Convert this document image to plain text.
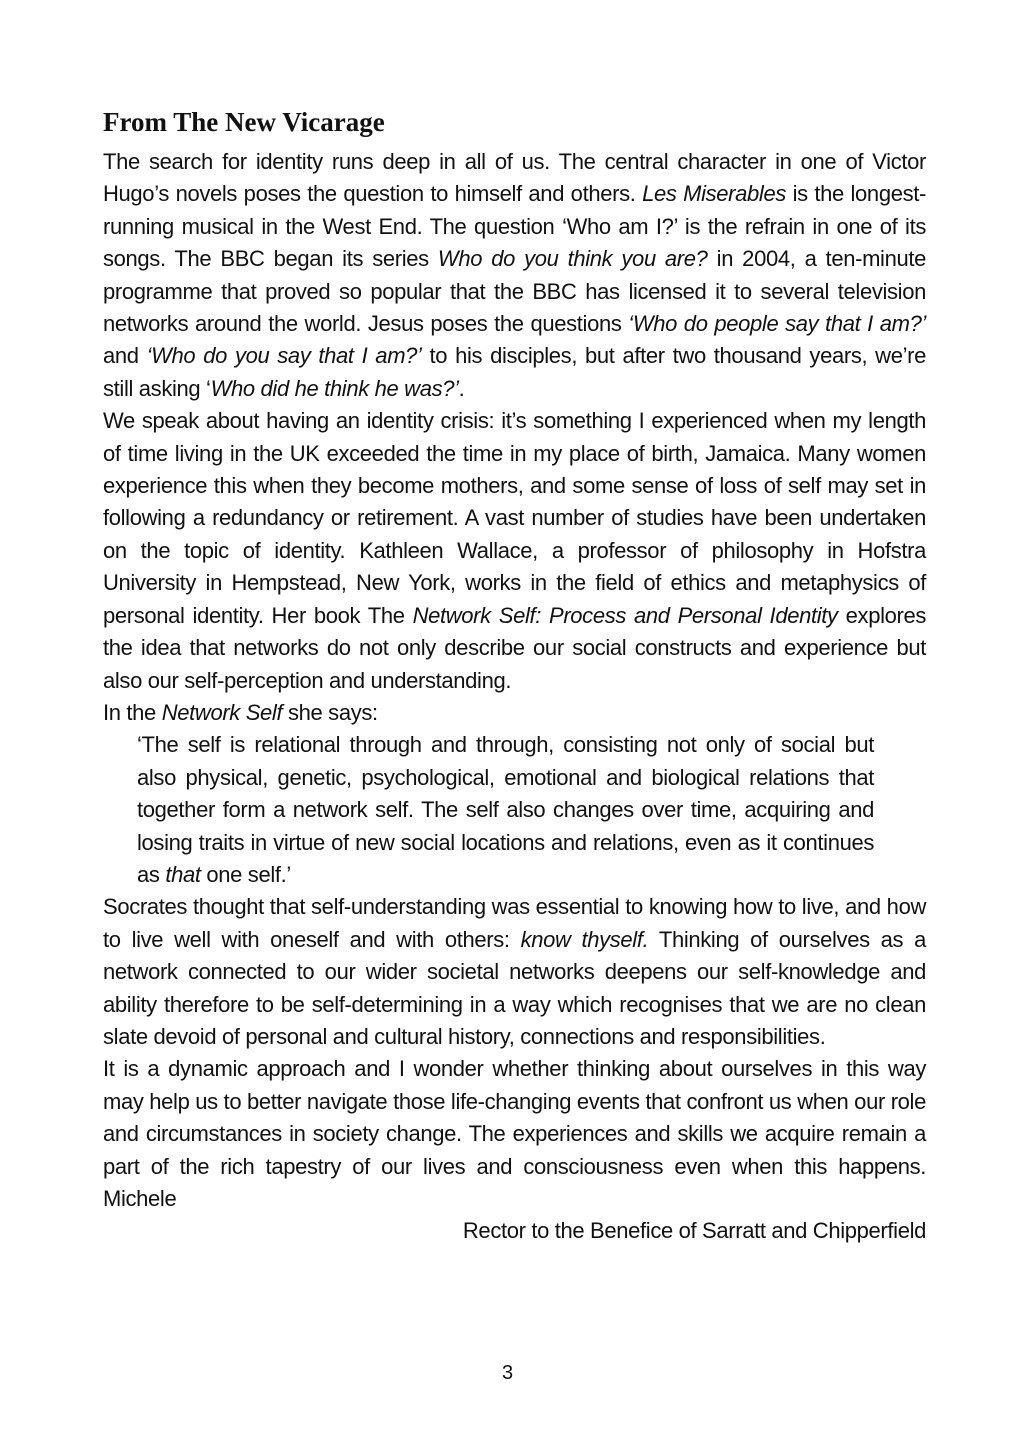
From The New Vicarage

The search for identity runs deep in all of us. The central character in one of Victor Hugo’s novels poses the question to himself and others. Les Miserables is the longest-running musical in the West End. The question ‘Who am I?’ is the refrain in one of its songs. The BBC began its series Who do you think you are? in 2004, a ten-minute programme that proved so popular that the BBC has licensed it to several television networks around the world. Jesus poses the questions ‘Who do people say that I am?’ and ‘Who do you say that I am?’ to his disciples, but after two thousand years, we’re still asking ‘Who did he think he was?’.

We speak about having an identity crisis: it’s something I experienced when my length of time living in the UK exceeded the time in my place of birth, Jamaica. Many women experience this when they become mothers, and some sense of loss of self may set in following a redundancy or retirement. A vast number of studies have been undertaken on the topic of identity. Kathleen Wallace, a professor of philosophy in Hofstra University in Hempstead, New York, works in the field of ethics and metaphysics of personal identity. Her book The Network Self: Process and Personal Identity explores the idea that networks do not only describe our social constructs and experience but also our self-perception and understanding.

In the Network Self she says:

‘The self is relational through and through, consisting not only of social but also physical, genetic, psychological, emotional and biological relations that together form a network self. The self also changes over time, acquiring and losing traits in virtue of new social locations and relations, even as it continues as that one self.’

Socrates thought that self-understanding was essential to knowing how to live, and how to live well with oneself and with others: know thyself. Thinking of ourselves as a network connected to our wider societal networks deepens our self-knowledge and ability therefore to be self-determining in a way which recognises that we are no clean slate devoid of personal and cultural history, connections and responsibilities.

It is a dynamic approach and I wonder whether thinking about ourselves in this way may help us to better navigate those life-changing events that confront us when our role and circumstances in society change. The experiences and skills we acquire remain a part of the rich tapestry of our lives and consciousness even when this happens. Michele

Rector to the Benefice of Sarratt and Chipperfield

3
